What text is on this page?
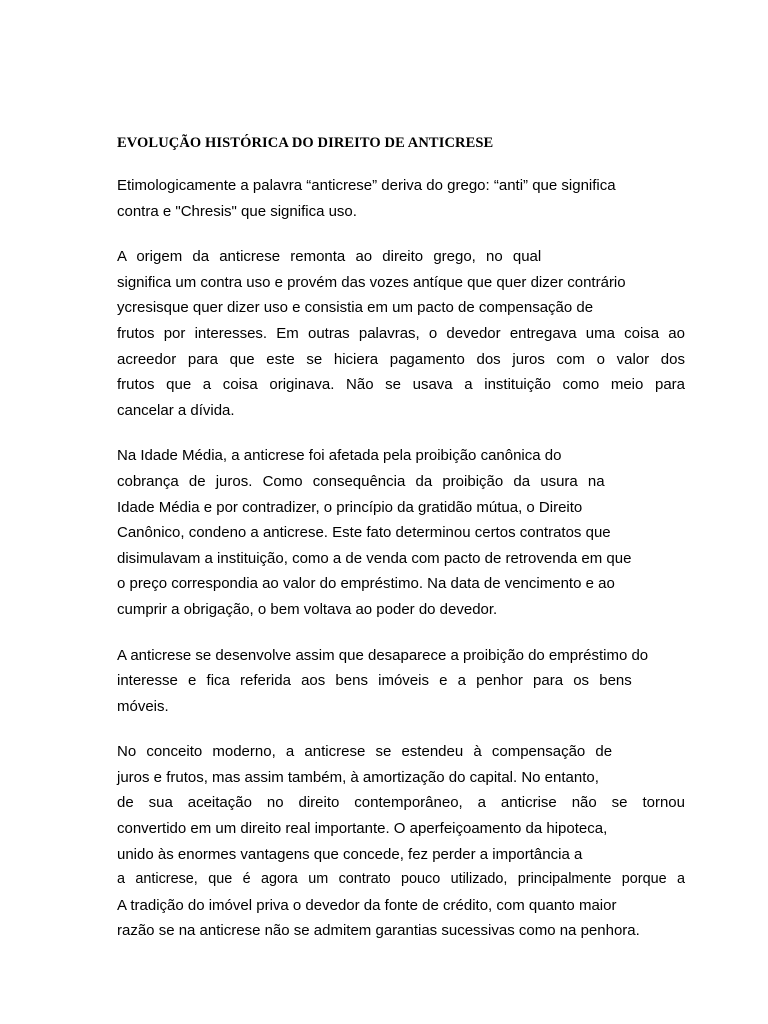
EVOLUÇÃO HISTÓRICA DO DIREITO DE ANTICRESE
Etimologicamente a palavra “anticrese” deriva do grego: “anti” que significa
contra e "Chresis" que significa uso.
A origem da anticrese remonta ao direito grego, no qual
significa um contra uso e provém das vozes antíque que quer dizer contrário
ycresisque quer dizer uso e consistia em um pacto de compensação de
frutos por interesses. Em outras palavras, o devedor entregava uma coisa ao
acreedor para que este se hiciera pagamento dos juros com o valor dos
frutos que a coisa originava. Não se usava a instituição como meio para
cancelar a dívida.
Na Idade Média, a anticrese foi afetada pela proibição canônica do
cobrança de juros. Como consequência da proibição da usura na
Idade Média e por contradizer, o princípio da gratidão mútua, o Direito
Canônico, condeno a anticrese. Este fato determinou certos contratos que
disimulavam a instituição, como a de venda com pacto de retrovenda em que
o preço correspondia ao valor do empréstimo. Na data de vencimento e ao
cumprir a obrigação, o bem voltava ao poder do devedor.
A anticrese se desenvolve assim que desaparece a proibição do empréstimo do
interesse e fica referida aos bens imóveis e a penhor para os bens
móveis.
No conceito moderno, a anticrese se estendeu à compensação de
juros e frutos, mas assim também, à amortização do capital. No entanto,
de sua aceitação no direito contemporâneo, a anticrise não se tornou
convertido em um direito real importante. O aperfeiçoamento da hipoteca,
unido às enormes vantagens que concede, fez perder a importância a
a anticrese, que é agora um contrato pouco utilizado, principalmente porque a
A tradição do imóvel priva o devedor da fonte de crédito, com quanto maior
razão se na anticrese não se admitem garantias sucessivas como na penhora.
